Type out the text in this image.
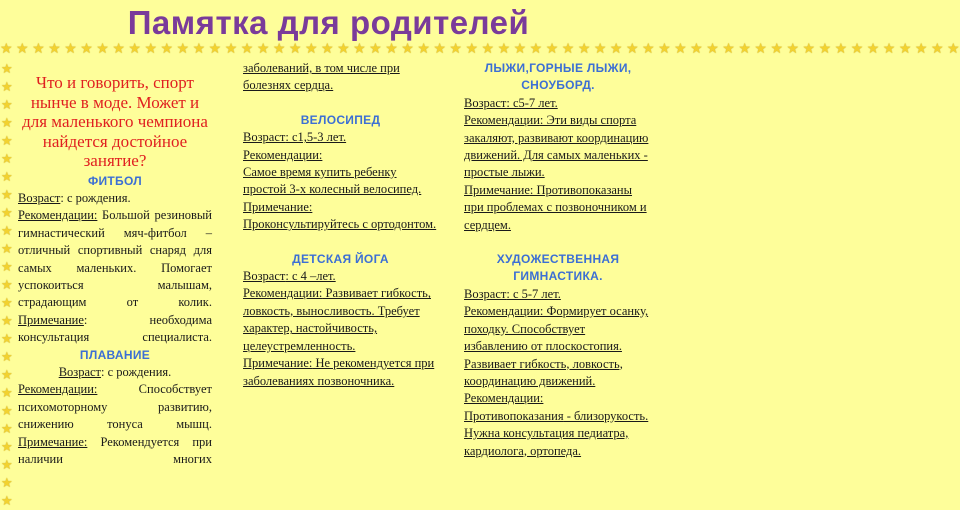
Памятка для родителей
★ ★ ★ ★ ★ ★ ★ ★ ★ ★ ★ ★ ★ ★ ★ ★ ★ ★ ★ ★ ★ ★ ★ ★ ★ ★ ★ ★ ★ ★ ★ ★ ★ ★ ★ ★ ★ ★ ★ ★ ★ ★ ★ ★ ★ ★ ★ ★ ★ ★ ★ ★ ★ ★ ★ ★ ★ ★ ★ ★
★
★
★
★
★
★
★
★
★
★
★
★
★
★
★
★
★
★
★
★
★
★
★
★
★

Что и говорить, спорт нынче в моде. Может и для маленького чемпиона найдется достойное занятие?

ФИТБОЛ

Возраст: с рождения.

Рекомендации: Большой резиновый гимнастический мяч-фитбол – отличный спортивный снаряд для самых маленьких. Помогает успокоиться малышам, страдающим от колик.

Примечание: необходима консультация специалиста.

ПЛАВАНИЕ

Возраст: с рождения.

Рекомендации: Способствует психомоторному развитию, снижению тонуса мышц.

Примечание: Рекомендуется при наличии многих

заболеваний, в том числе при болезнях сердца.

ВЕЛОСИПЕД

Возраст: с1,5-3 лет.

Рекомендации:

Самое время купить ребенку простой 3-х колесный велосипед.

Примечание:

Проконсультируйтесь с ортодонтом.

ДЕТСКАЯ ЙОГА

Возраст: с 4 –лет.

Рекомендации: Развивает гибкость, ловкость, выносливость. Требует характер, настойчивость, целеустремленность.

Примечание: Не рекомендуется при заболеваниях позвоночника.

ЛЫЖИ,ГОРНЫЕ ЛЫЖИ, СНОУБОРД.

Возраст: с5-7 лет.

Рекомендации: Эти виды спорта закаляют, развивают координацию движений. Для самых маленьких - простые лыжи.

Примечание: Противопоказаны при проблемах с позвоночником и сердцем.

ХУДОЖЕСТВЕННАЯ ГИМНАСТИКА.

Возраст: с 5-7 лет.

Рекомендации: Формирует осанку, походку. Способствует избавлению от плоскостопия. Развивает гибкость, ловкость, координацию движений.

Рекомендации:

Противопоказания - близорукость. Нужна консультация педиатра, кардиолога, ортопеда.
